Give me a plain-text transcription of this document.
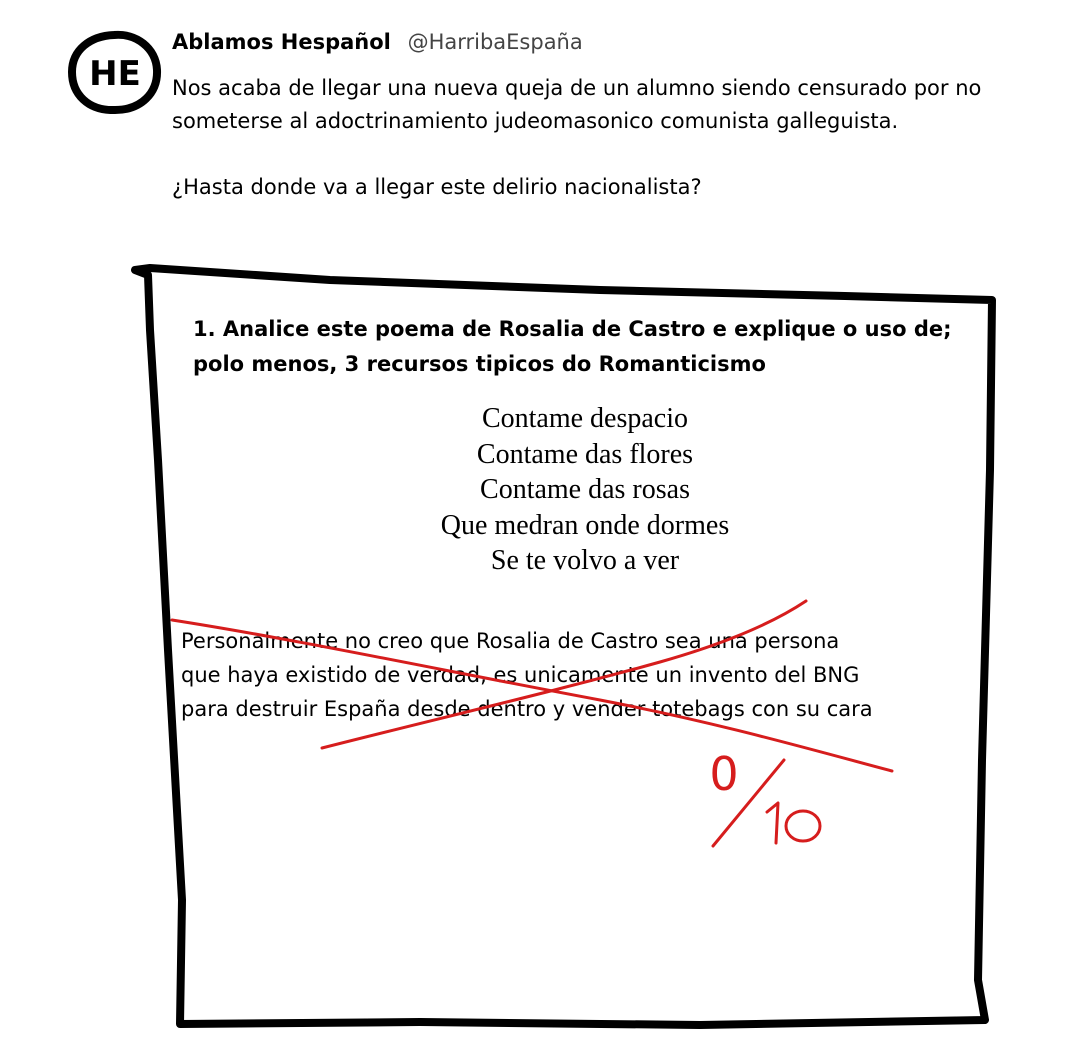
HE
Ablamos Hespañol @HarribaEspaña

Nos acaba de llegar una nueva queja de un alumno siendo censurado por no someterse al adoctrinamiento judeomasonico comunista galleguista.

¿Hasta donde va a llegar este delirio nacionalista?

1. Analice este poema de Rosalia de Castro e explique o uso de; polo menos, 3 recursos tipicos do Romanticismo
Contame despacio
Contame das flores
Contame das rosas
Que medran onde dormes
Se te volvo a ver
Personalmente no creo que Rosalia de Castro sea una persona
que haya existido de verdad, es unicamente un invento del BNG
para destruir España desde dentro y vender totebags con su cara
0
